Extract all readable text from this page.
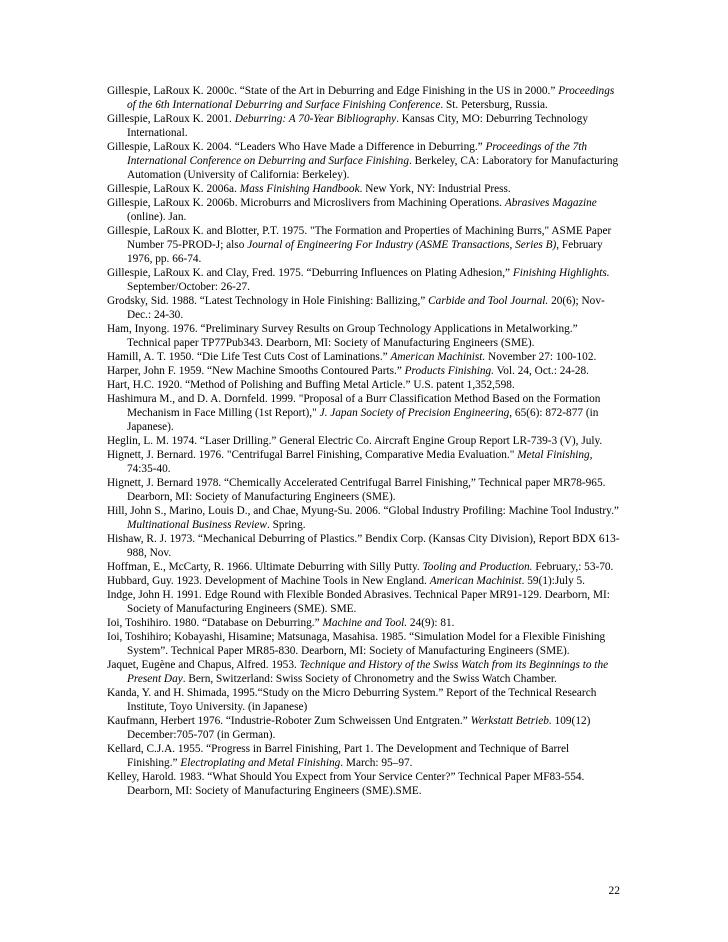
Gillespie, LaRoux K. 2000c. “State of the Art in Deburring and Edge Finishing in the US in 2000.” Proceedings of the 6th International Deburring and Surface Finishing Conference. St. Petersburg, Russia.

Gillespie, LaRoux K. 2001. Deburring: A 70-Year Bibliography. Kansas City, MO: Deburring Technology International.

Gillespie, LaRoux K. 2004. “Leaders Who Have Made a Difference in Deburring.” Proceedings of the 7th International Conference on Deburring and Surface Finishing. Berkeley, CA: Laboratory for Manufacturing Automation (University of California: Berkeley).

Gillespie, LaRoux K. 2006a. Mass Finishing Handbook. New York, NY: Industrial Press.

Gillespie, LaRoux K. 2006b. Microburrs and Microslivers from Machining Operations. Abrasives Magazine (online). Jan.

Gillespie, LaRoux K. and Blotter, P.T. 1975. "The Formation and Properties of Machining Burrs," ASME Paper Number 75-PROD-J; also Journal of Engineering For Industry (ASME Transactions, Series B), February 1976, pp. 66-74.

Gillespie, LaRoux K. and Clay, Fred. 1975. “Deburring Influences on Plating Adhesion,” Finishing Highlights. September/October: 26-27.

Grodsky, Sid. 1988. “Latest Technology in Hole Finishing: Ballizing,” Carbide and Tool Journal. 20(6); Nov-Dec.: 24-30.

Ham, Inyong. 1976. “Preliminary Survey Results on Group Technology Applications in Metalworking.” Technical paper TP77Pub343. Dearborn, MI: Society of Manufacturing Engineers (SME).

Hamill, A. T. 1950. “Die Life Test Cuts Cost of Laminations.” American Machinist. November 27: 100-102.

Harper, John F. 1959. “New Machine Smooths Contoured Parts.” Products Finishing. Vol. 24, Oct.: 24-28.

Hart, H.C. 1920. “Method of Polishing and Buffing Metal Article.” U.S. patent 1,352,598.

Hashimura M., and D. A. Dornfeld. 1999. "Proposal of a Burr Classification Method Based on the Formation Mechanism in Face Milling (1st Report)," J. Japan Society of Precision Engineering, 65(6): 872-877 (in Japanese).

Heglin, L. M. 1974. “Laser Drilling.” General Electric Co. Aircraft Engine Group Report LR-739-3 (V), July.

Hignett, J. Bernard. 1976. "Centrifugal Barrel Finishing, Comparative Media Evaluation." Metal Finishing, 74:35-40.

Hignett, J. Bernard 1978. “Chemically Accelerated Centrifugal Barrel Finishing,” Technical paper MR78-965. Dearborn, MI: Society of Manufacturing Engineers (SME).

Hill, John S., Marino, Louis D., and Chae, Myung-Su. 2006. “Global Industry Profiling: Machine Tool Industry.” Multinational Business Review. Spring.

Hishaw, R. J. 1973. “Mechanical Deburring of Plastics.” Bendix Corp. (Kansas City Division), Report BDX 613-988, Nov.

Hoffman, E., McCarty, R. 1966. Ultimate Deburring with Silly Putty. Tooling and Production. February,: 53-70.

Hubbard, Guy. 1923. Development of Machine Tools in New England. American Machinist. 59(1):July 5.

Indge, John H. 1991. Edge Round with Flexible Bonded Abrasives. Technical Paper MR91-129. Dearborn, MI: Society of Manufacturing Engineers (SME). SME.

Ioi, Toshihiro. 1980. “Database on Deburring.” Machine and Tool. 24(9): 81.

Ioi, Toshihiro; Kobayashi, Hisamine; Matsunaga, Masahisa. 1985. “Simulation Model for a Flexible Finishing System”. Technical Paper MR85-830. Dearborn, MI: Society of Manufacturing Engineers (SME).

Jaquet, Eugène and Chapus, Alfred. 1953. Technique and History of the Swiss Watch from its Beginnings to the Present Day. Bern, Switzerland: Swiss Society of Chronometry and the Swiss Watch Chamber.

Kanda, Y. and H. Shimada, 1995.“Study on the Micro Deburring System.” Report of the Technical Research Institute, Toyo University. (in Japanese)

Kaufmann, Herbert 1976. “Industrie-Roboter Zum Schweissen Und Entgraten.” Werkstatt Betrieb. 109(12) December:705-707 (in German).

Kellard, C.J.A. 1955. “Progress in Barrel Finishing, Part 1. The Development and Technique of Barrel Finishing.” Electroplating and Metal Finishing. March: 95–97.

Kelley, Harold. 1983. “What Should You Expect from Your Service Center?” Technical Paper MF83-554. Dearborn, MI: Society of Manufacturing Engineers (SME).SME.

22
